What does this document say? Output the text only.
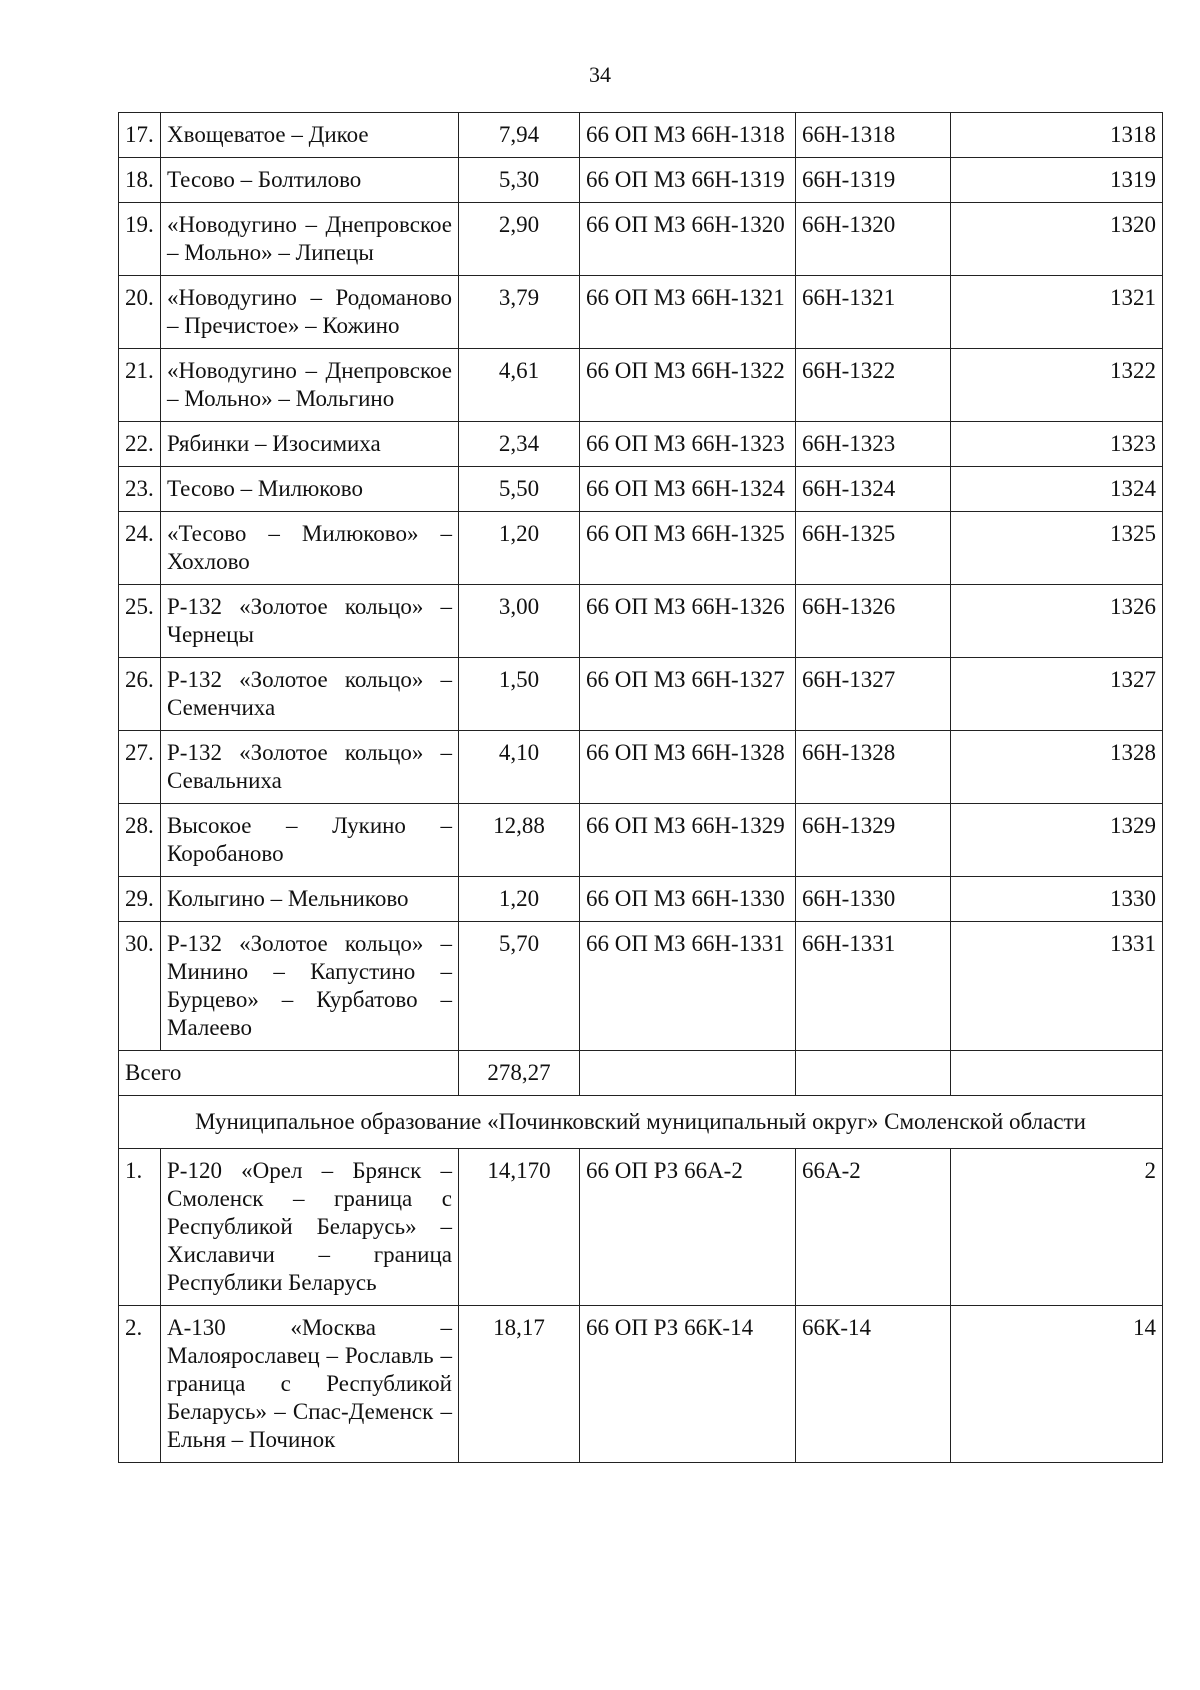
34
17.	Хвощеватое – Дикое	7,94	66 ОП МЗ 66Н-1318	66Н-1318	1318
18.	Тесово – Болтилово	5,30	66 ОП МЗ 66Н-1319	66Н-1319	1319
19.	«Новодугино – Днепровское – Мольно» – Липецы	2,90	66 ОП МЗ 66Н-1320	66Н-1320	1320
20.	«Новодугино – Родоманово – Пречистое» – Кожино	3,79	66 ОП МЗ 66Н-1321	66Н-1321	1321
21.	«Новодугино – Днепровское – Мольно» – Мольгино	4,61	66 ОП МЗ 66Н-1322	66Н-1322	1322
22.	Рябинки – Изосимиха	2,34	66 ОП МЗ 66Н-1323	66Н-1323	1323
23.	Тесово – Милюково	5,50	66 ОП МЗ 66Н-1324	66Н-1324	1324
24.	«Тесово – Милюково» – Хохлово	1,20	66 ОП МЗ 66Н-1325	66Н-1325	1325
25.	Р-132 «Золотое кольцо» – Чернецы	3,00	66 ОП МЗ 66Н-1326	66Н-1326	1326
26.	Р-132 «Золотое кольцо» – Семенчиха	1,50	66 ОП МЗ 66Н-1327	66Н-1327	1327
27.	Р-132 «Золотое кольцо» – Севальниха	4,10	66 ОП МЗ 66Н-1328	66Н-1328	1328
28.	Высокое – Лукино – Коробаново	12,88	66 ОП МЗ 66Н-1329	66Н-1329	1329
29.	Колыгино – Мельниково	1,20	66 ОП МЗ 66Н-1330	66Н-1330	1330
30.	Р-132 «Золотое кольцо» – Минино – Капустино – Бурцево» – Курбатово – Малеево	5,70	66 ОП МЗ 66Н-1331	66Н-1331	1331
Всего		278,27			
Муниципальное образование «Починковский муниципальный округ» Смоленской области					
1.	Р-120 «Орел – Брянск – Смоленск – граница с Республикой Беларусь» – Хиславичи – граница Республики Беларусь	14,170	66 ОП РЗ 66А-2	66А-2	2
2.	А-130 «Москва – Малоярославец – Рославль – граница с Республикой Беларусь» – Спас-Деменск – Ельня – Починок	18,17	66 ОП РЗ 66К-14	66К-14	14
